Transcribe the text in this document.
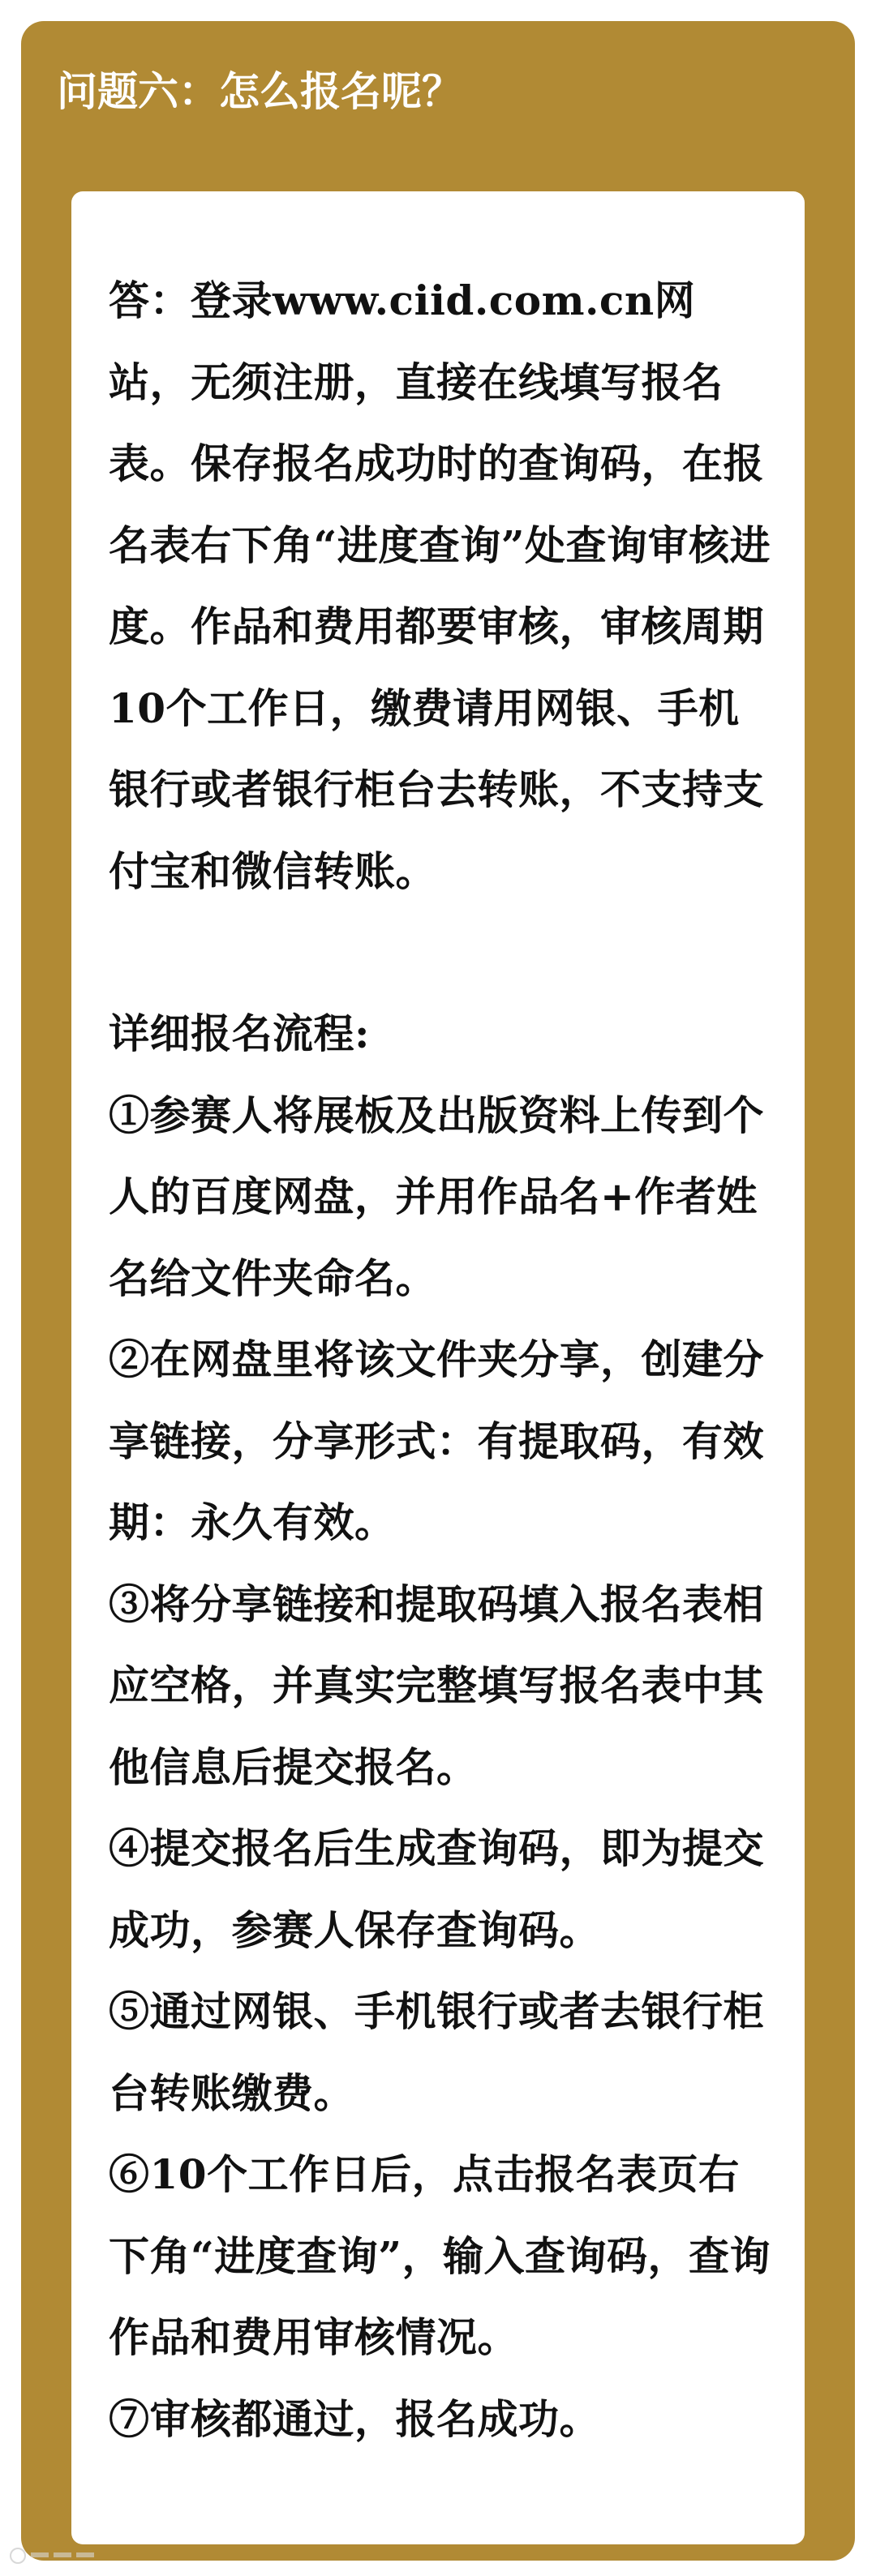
问题六：怎么报名呢？

答：登录www.ciid.com.cn网站，无须注册，直接在线填写报名表。保存报名成功时的查询码，在报名表右下角“进度查询”处查询审核进度。作品和费用都要审核，审核周期10个工作日，缴费请用网银、手机银行或者银行柜台去转账，不支持支付宝和微信转账。

详细报名流程:

①参赛人将展板及出版资料上传到个人的百度网盘，并用作品名+作者姓名给文件夹命名。

②在网盘里将该文件夹分享，创建分享链接，分享形式：有提取码，有效期：永久有效。

③将分享链接和提取码填入报名表相应空格，并真实完整填写报名表中其他信息后提交报名。

④提交报名后生成查询码，即为提交成功，参赛人保存查询码。

⑤通过网银、手机银行或者去银行柜台转账缴费。

⑥10个工作日后，点击报名表页右下角“进度查询”，输入查询码，查询作品和费用审核情况。

⑦审核都通过，报名成功。
